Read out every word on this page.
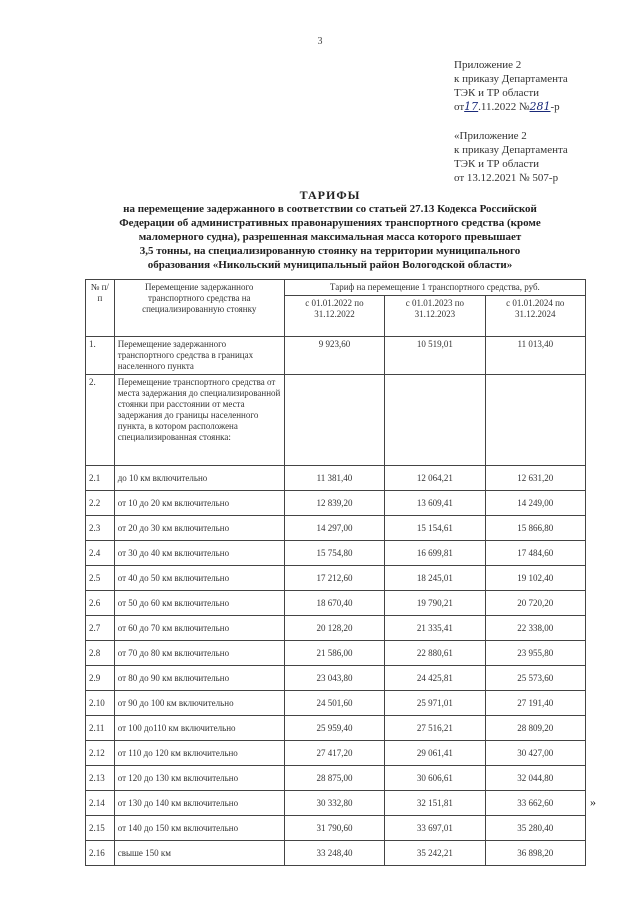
3
Приложение 2
к приказу Департамента
ТЭК и ТР области
от17.11.2022 №281-р
«Приложение 2
к приказу Департамента
ТЭК и ТР области
от 13.12.2021 № 507-р
ТАРИФЫ
на перемещение задержанного в соответствии со статьей 27.13 Кодекса Российской
Федерации об административных правонарушениях транспортного средства (кроме
маломерного судна), разрешенная максимальная масса которого превышает
3,5 тонны, на специализированную стоянку на территории муниципального
образования «Никольский муниципальный район Вологодской области»
№ п/п	Перемещение задержанного транспортного средства на специализированную стоянку	Тариф на перемещение 1 транспортного средства, руб.		
		с 01.01.2022 по 31.12.2022	с 01.01.2023 по 31.12.2023	с 01.01.2024 по 31.12.2024
1.	Перемещение задержанного транспортного средства в границах населенного пункта	9 923,60	10 519,01	11 013,40
2.	Перемещение транспортного средства от места задержания до специализированной стоянки при расстоянии от места задержания до границы населенного пункта, в котором расположена специализированная стоянка:			
2.1	до 10 км включительно	11 381,40	12 064,21	12 631,20
2.2	от 10 до 20 км включительно	12 839,20	13 609,41	14 249,00
2.3	от 20 до 30 км включительно	14 297,00	15 154,61	15 866,80
2.4	от 30 до 40 км включительно	15 754,80	16 699,81	17 484,60
2.5	от 40 до 50 км включительно	17 212,60	18 245,01	19 102,40
2.6	от 50 до 60 км включительно	18 670,40	19 790,21	20 720,20
2.7	от 60 до 70 км включительно	20 128,20	21 335,41	22 338,00
2.8	от 70 до 80 км включительно	21 586,00	22 880,61	23 955,80
2.9	от 80 до 90 км включительно	23 043,80	24 425,81	25 573,60
2.10	от 90 до 100 км включительно	24 501,60	25 971,01	27 191,40
2.11	от 100 до110 км включительно	25 959,40	27 516,21	28 809,20
2.12	от 110 до 120 км включительно	27 417,20	29 061,41	30 427,00
2.13	от 120 до 130 км включительно	28 875,00	30 606,61	32 044,80
2.14	от 130 до 140 км включительно	30 332,80	32 151,81	33 662,60
2.15	от 140 до 150 км включительно	31 790,60	33 697,01	35 280,40
2.16	свыше 150 км	33 248,40	35 242,21	36 898,20
»
